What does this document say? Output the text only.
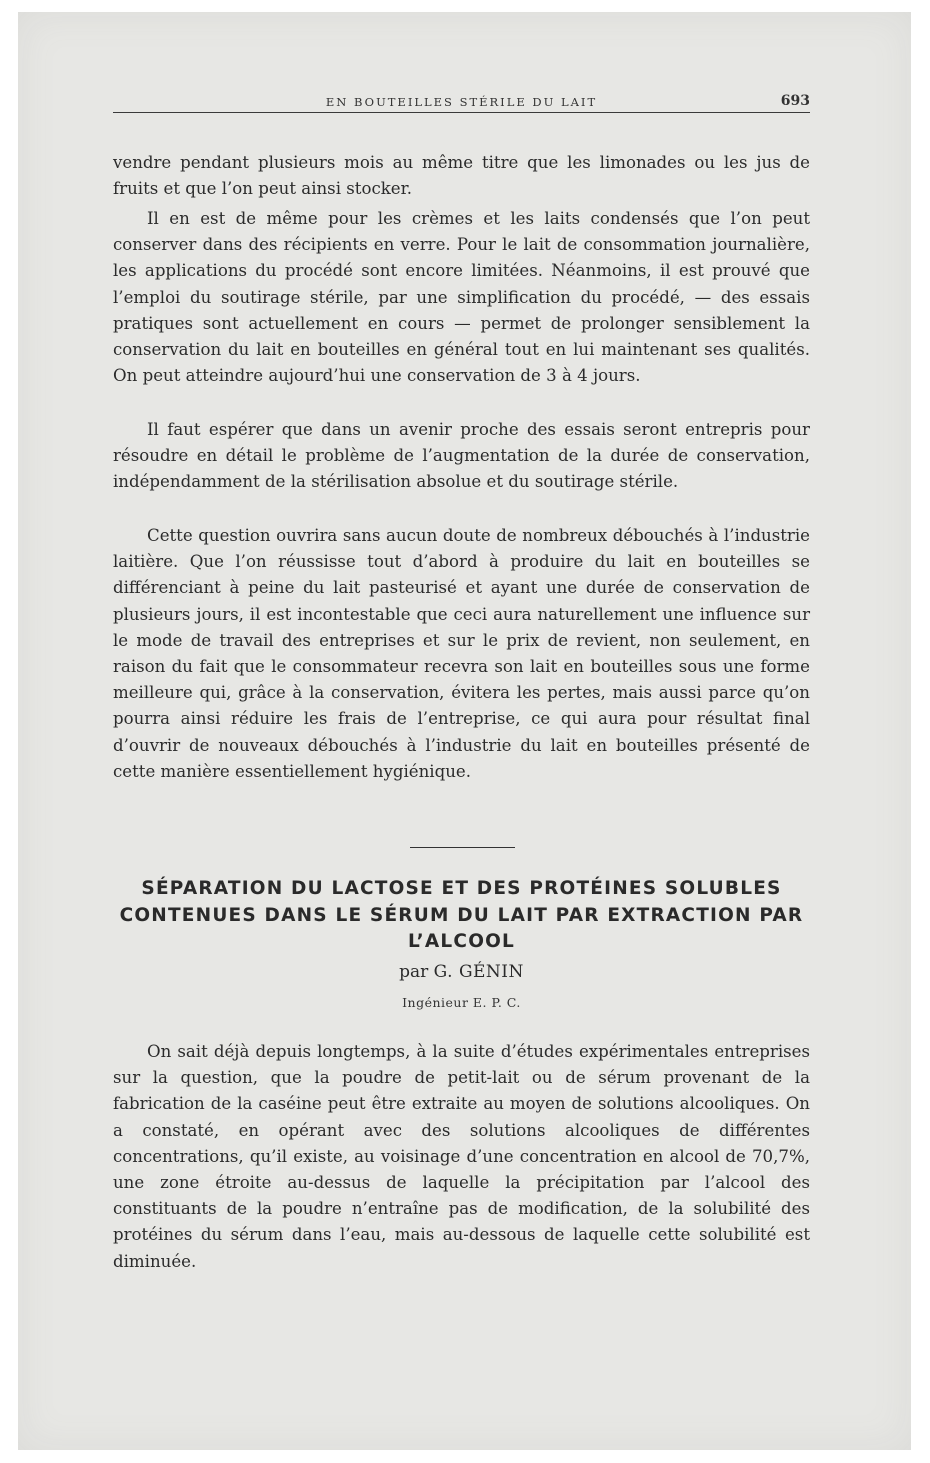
EN BOUTEILLES STÉRILE DU LAIT	693

vendre pendant plusieurs mois au même titre que les limonades ou les jus de fruits et que l’on peut ainsi stocker.

Il en est de même pour les crèmes et les laits condensés que l’on peut conserver dans des récipients en verre. Pour le lait de consommation journalière, les applications du procédé sont encore limitées. Néanmoins, il est prouvé que l’emploi du soutirage stérile, par une simplification du procédé, — des essais pratiques sont actuellement en cours — permet de prolonger sensiblement la conservation du lait en bouteilles en général tout en lui maintenant ses qualités. On peut atteindre aujourd’hui une conservation de 3 à 4 jours.

Il faut espérer que dans un avenir proche des essais seront entrepris pour résoudre en détail le problème de l’augmentation de la durée de conservation, indépendamment de la stérilisation absolue et du soutirage stérile.

Cette question ouvrira sans aucun doute de nombreux débouchés à l’industrie laitière. Que l’on réussisse tout d’abord à produire du lait en bouteilles se différenciant à peine du lait pasteurisé et ayant une durée de conservation de plusieurs jours, il est incontestable que ceci aura naturellement une influence sur le mode de travail des entreprises et sur le prix de revient, non seulement, en raison du fait que le consommateur recevra son lait en bouteilles sous une forme meilleure qui, grâce à la conservation, évitera les pertes, mais aussi parce qu’on pourra ainsi réduire les frais de l’entreprise, ce qui aura pour résultat final d’ouvrir de nouveaux débouchés à l’industrie du lait en bouteilles présenté de cette manière essentiellement hygiénique.

SÉPARATION DU LACTOSE ET DES PROTÉINES SOLUBLES CONTENUES DANS LE SÉRUM DU LAIT PAR EXTRACTION PAR L’ALCOOL
par G. GÉNIN
Ingénieur E. P. C.

On sait déjà depuis longtemps, à la suite d’études expérimentales entreprises sur la question, que la poudre de petit-lait ou de sérum provenant de la fabrication de la caséine peut être extraite au moyen de solutions alcooliques. On a constaté, en opérant avec des solutions alcooliques de différentes concentrations, qu’il existe, au voisinage d’une concentration en alcool de 70,7%, une zone étroite au-dessus de laquelle la précipitation par l’alcool des constituants de la poudre n’entraîne pas de modification, de la solubilité des protéines du sérum dans l’eau, mais au-dessous de laquelle cette solubilité est diminuée.
